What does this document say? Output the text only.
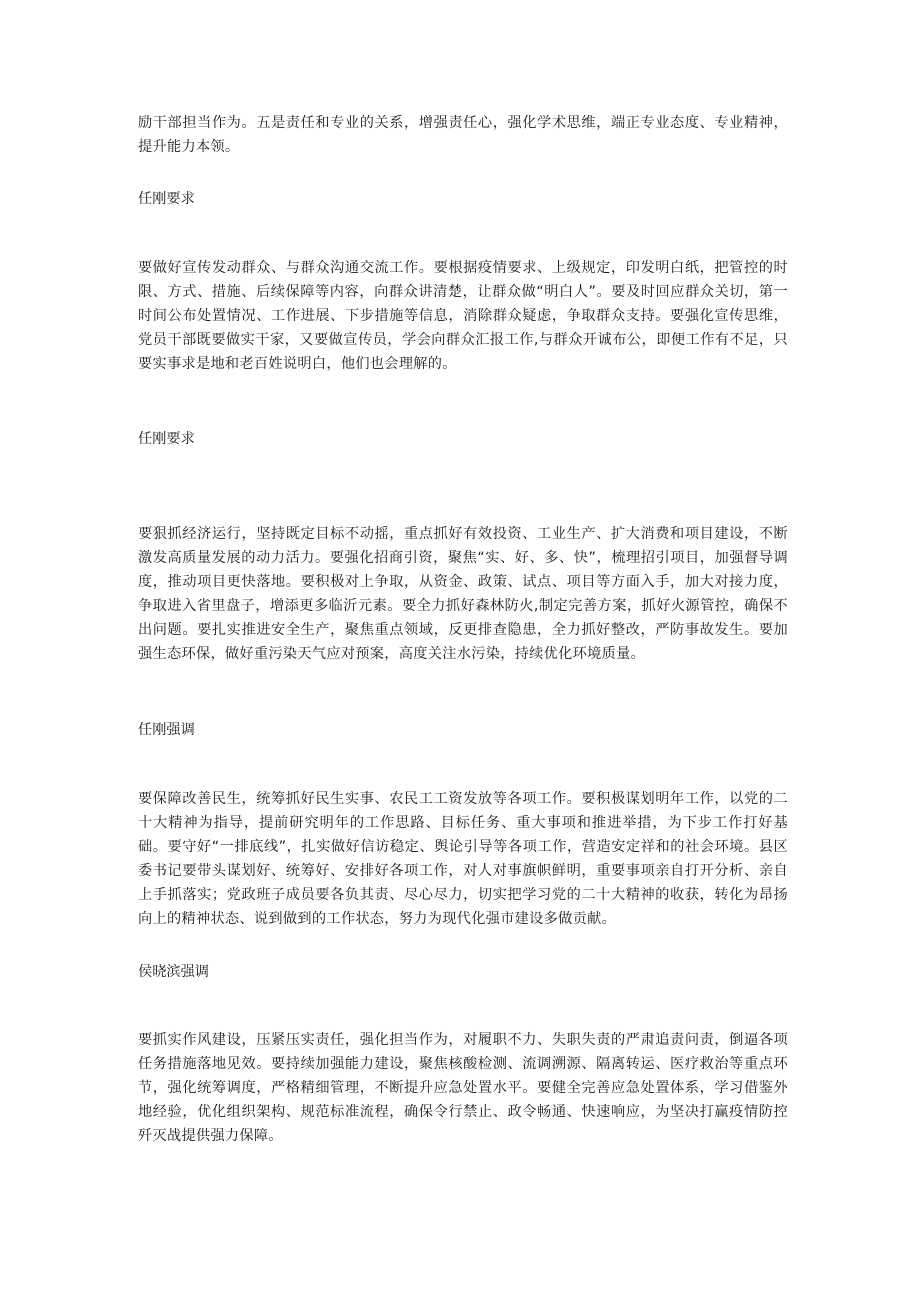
励干部担当作为。五是责任和专业的关系，增强责任心，强化学术思维，端正专业态度、专业精神，提升能力本领。

任刚要求

要做好宣传发动群众、与群众沟通交流工作。要根据疫情要求、上级规定，印发明白纸，把管控的时限、方式、措施、后续保障等内容，向群众讲清楚，让群众做“明白人”。要及时回应群众关切，第一时间公布处置情况、工作进展、下步措施等信息，消除群众疑虑，争取群众支持。要强化宣传思维，党员干部既要做实干家，又要做宣传员，学会向群众汇报工作,与群众开诚布公，即便工作有不足，只要实事求是地和老百姓说明白，他们也会理解的。

任刚要求

要狠抓经济运行，坚持既定目标不动摇，重点抓好有效投资、工业生产、扩大消费和项目建设，不断激发高质量发展的动力活力。要强化招商引资，聚焦“实、好、多、快”，梳理招引项目，加强督导调度，推动项目更快落地。要积极对上争取，从资金、政策、试点、项目等方面入手，加大对接力度，争取进入省里盘子，增添更多临沂元素。要全力抓好森林防火,制定完善方案，抓好火源管控，确保不出问题。要扎实推进安全生产，聚焦重点领域，反更排查隐患，全力抓好整改，严防事故发生。要加强生态环保，做好重污染天气应对预案，高度关注水污染，持续优化环境质量。

任刚强调

要保障改善民生，统筹抓好民生实事、农民工工资发放等各项工作。要积极谋划明年工作，以党的二十大精神为指导，提前研究明年的工作思路、目标任务、重大事项和推进举措，为下步工作打好基础。要守好“一排底线”，扎实做好信访稳定、舆论引导等各项工作，营造安定祥和的社会环境。县区委书记要带头谋划好、统筹好、安排好各项工作，对人对事旗帜鲜明，重要事项亲自打开分析、亲自上手抓落实；党政班子成员要各负其责、尽心尽力，切实把学习党的二十大精神的收获，转化为昂扬向上的精神状态、说到做到的工作状态，努力为现代化强市建设多做贡献。

侯晓滨强调

要抓实作风建设，压紧压实责任，强化担当作为，对履职不力、失职失责的严肃追责问责，倒逼各项任务措施落地见效。要持续加强能力建设，聚焦核酸检测、流调溯源、隔离转运、医疗救治等重点环节，强化统筹调度，严格精细管理，不断提升应急处置水平。要健全完善应急处置体系，学习借鉴外地经验，优化组织架构、规范标准流程，确保令行禁止、政令畅通、快速响应，为坚决打赢疫情防控歼灭战提供强力保障。
